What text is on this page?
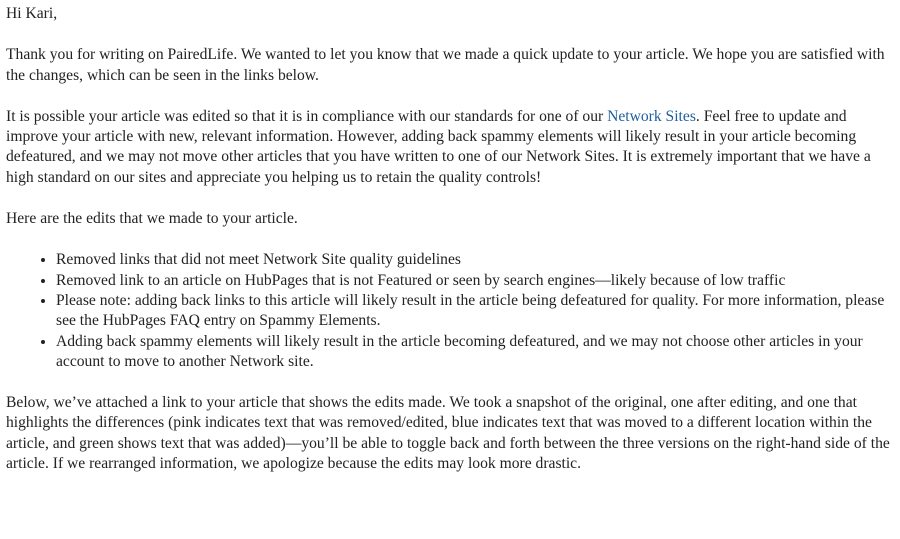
Hi Kari,

Thank you for writing on PairedLife. We wanted to let you know that we made a quick update to your article. We hope you are satisfied with the changes, which can be seen in the links below.

It is possible your article was edited so that it is in compliance with our standards for one of our Network Sites. Feel free to update and improve your article with new, relevant information. However, adding back spammy elements will likely result in your article becoming defeatured, and we may not move other articles that you have written to one of our Network Sites. It is extremely important that we have a high standard on our sites and appreciate you helping us to retain the quality controls!

Here are the edits that we made to your article.

• Removed links that did not meet Network Site quality guidelines
• Removed link to an article on HubPages that is not Featured or seen by search engines—likely because of low traffic
• Please note: adding back links to this article will likely result in the article being defeatured for quality. For more information, please see the HubPages FAQ entry on Spammy Elements.
• Adding back spammy elements will likely result in the article becoming defeatured, and we may not choose other articles in your account to move to another Network site.

Below, we’ve attached a link to your article that shows the edits made. We took a snapshot of the original, one after editing, and one that highlights the differences (pink indicates text that was removed/edited, blue indicates text that was moved to a different location within the article, and green shows text that was added)—you’ll be able to toggle back and forth between the three versions on the right-hand side of the article. If we rearranged information, we apologize because the edits may look more drastic.
